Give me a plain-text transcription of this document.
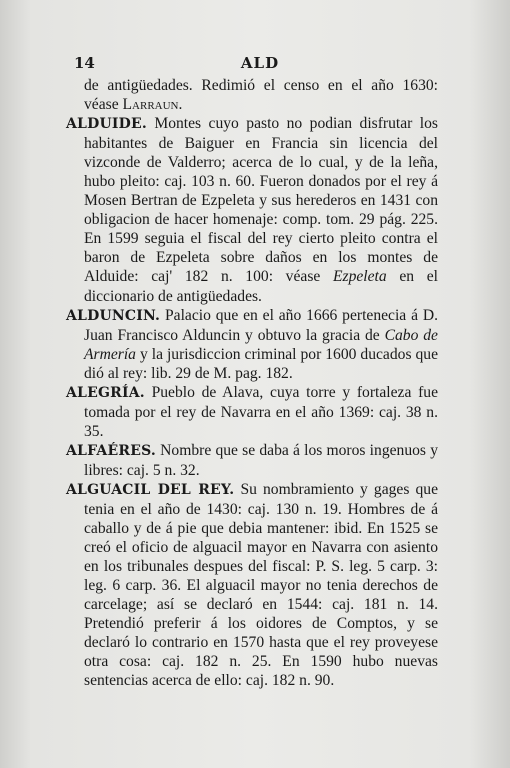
14	ALD

de antigüedades. Redimió el censo en el año 1630: véase Larraun.

ALDUIDE. Montes cuyo pasto no podian disfrutar los habitantes de Baiguer en Francia sin licencia del vizconde de Valderro; acerca de lo cual, y de la leña, hubo pleito: caj. 103 n. 60. Fueron donados por el rey á Mosen Bertran de Ezpeleta y sus herederos en 1431 con obligacion de hacer homenaje: comp. tom. 29 pág. 225. En 1599 seguia el fiscal del rey cierto pleito contra el baron de Ezpeleta sobre daños en los montes de Alduide: caj' 182 n. 100: véase Ezpeleta en el diccionario de antigüedades.

ALDUNCIN. Palacio que en el año 1666 pertenecia á D. Juan Francisco Alduncin y obtuvo la gracia de Cabo de Armería y la jurisdiccion criminal por 1600 ducados que dió al rey: lib. 29 de M. pag. 182.

ALEGRÍA. Pueblo de Alava, cuya torre y fortaleza fue tomada por el rey de Navarra en el año 1369: caj. 38 n. 35.

ALFAÉRES. Nombre que se daba á los moros ingenuos y libres: caj. 5 n. 32.

ALGUACIL DEL REY. Su nombramiento y gages que tenia en el año de 1430: caj. 130 n. 19. Hombres de á caballo y de á pie que debia mantener: ibid. En 1525 se creó el oficio de alguacil mayor en Navarra con asiento en los tribunales despues del fiscal: P. S. leg. 5 carp. 3: leg. 6 carp. 36. El alguacil mayor no tenia derechos de carcelage; así se declaró en 1544: caj. 181 n. 14. Pretendió preferir á los oidores de Comptos, y se declaró lo contrario en 1570 hasta que el rey proveyese otra cosa: caj. 182 n. 25. En 1590 hubo nuevas sentencias acerca de ello: caj. 182 n. 90.
